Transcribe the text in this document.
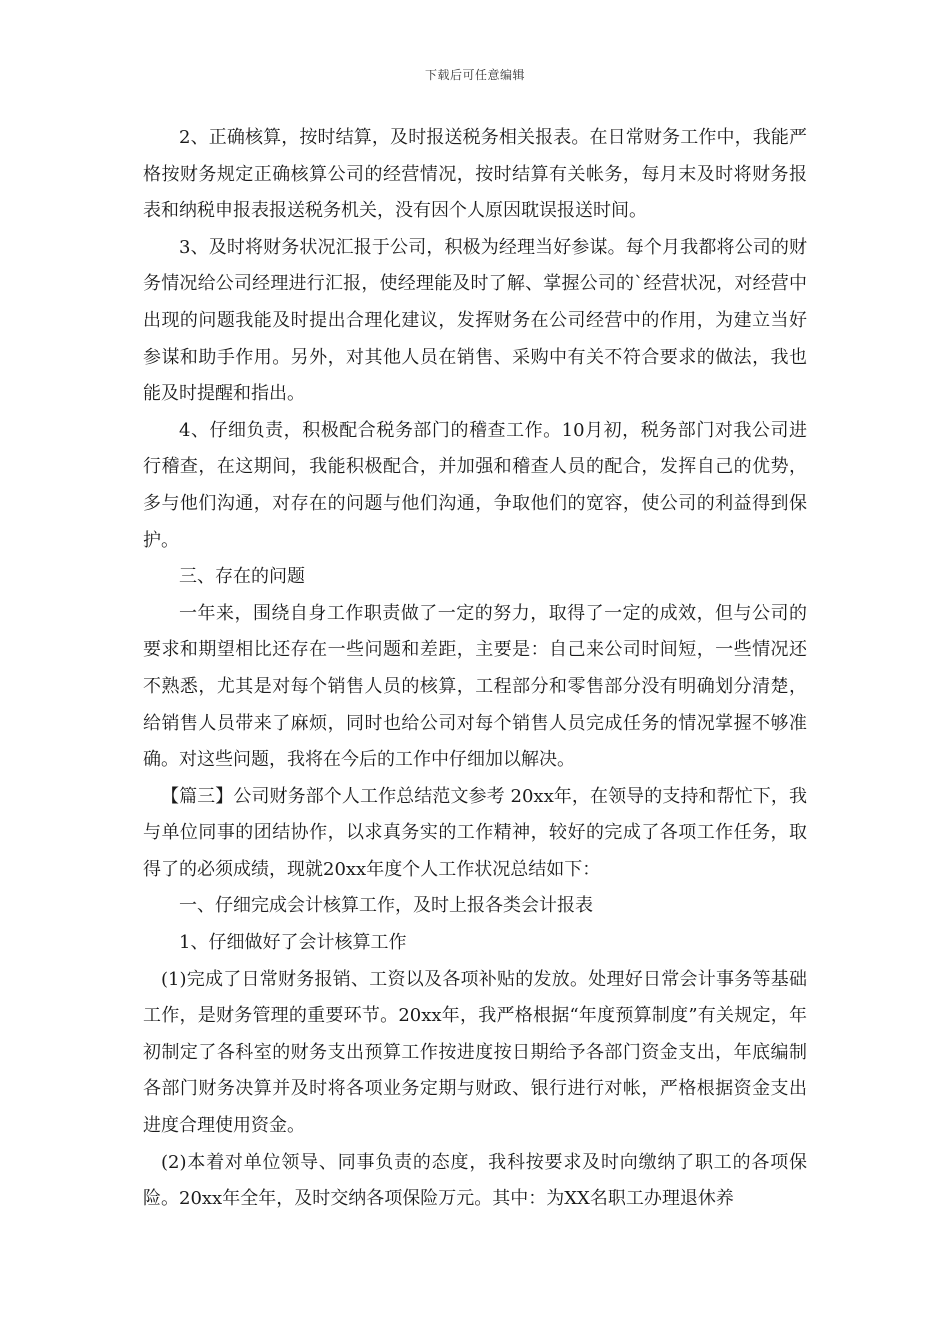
下载后可任意编辑

2、正确核算，按时结算，及时报送税务相关报表。在日常财务工作中，我能严格按财务规定正确核算公司的经营情况，按时结算有关帐务，每月末及时将财务报表和纳税申报表报送税务机关，没有因个人原因耽误报送时间。

3、及时将财务状况汇报于公司，积极为经理当好参谋。每个月我都将公司的财务情况给公司经理进行汇报，使经理能及时了解、掌握公司的`经营状况，对经营中出现的问题我能及时提出合理化建议，发挥财务在公司经营中的作用，为建立当好参谋和助手作用。另外，对其他人员在销售、采购中有关不符合要求的做法，我也能及时提醒和指出。

4、仔细负责，积极配合税务部门的稽查工作。10月初，税务部门对我公司进行稽查，在这期间，我能积极配合，并加强和稽查人员的配合，发挥自己的优势，多与他们沟通，对存在的问题与他们沟通，争取他们的宽容，使公司的利益得到保护。

三、存在的问题

一年来，围绕自身工作职责做了一定的努力，取得了一定的成效，但与公司的要求和期望相比还存在一些问题和差距，主要是：自己来公司时间短，一些情况还不熟悉，尤其是对每个销售人员的核算，工程部分和零售部分没有明确划分清楚，给销售人员带来了麻烦，同时也给公司对每个销售人员完成任务的情况掌握不够准确。对这些问题，我将在今后的工作中仔细加以解决。

【篇三】公司财务部个人工作总结范文参考 20xx年，在领导的支持和帮忙下，我与单位同事的团结协作，以求真务实的工作精神，较好的完成了各项工作任务，取得了的必须成绩，现就20xx年度个人工作状况总结如下：

一、仔细完成会计核算工作，及时上报各类会计报表

1、仔细做好了会计核算工作

(1)完成了日常财务报销、工资以及各项补贴的发放。处理好日常会计事务等基础工作，是财务管理的重要环节。20xx年，我严格根据“年度预算制度”有关规定，年初制定了各科室的财务支出预算工作按进度按日期给予各部门资金支出，年底编制各部门财务决算并及时将各项业务定期与财政、银行进行对帐，严格根据资金支出进度合理使用资金。

(2)本着对单位领导、同事负责的态度，我科按要求及时向缴纳了职工的各项保险。20xx年全年，及时交纳各项保险万元。其中：为XX名职工办理退休养
